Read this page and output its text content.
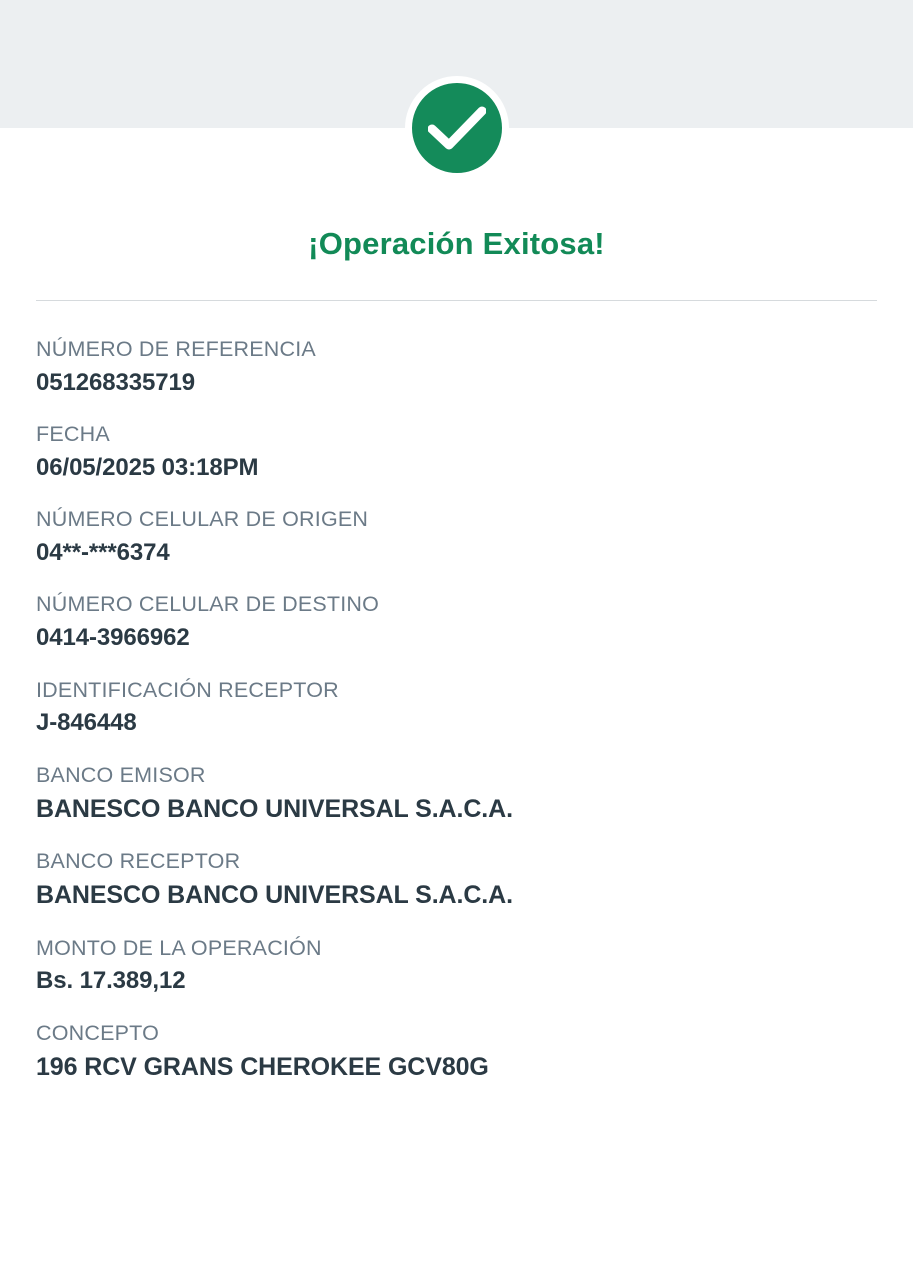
¡Operación Exitosa!
NÚMERO DE REFERENCIA
051268335719
FECHA
06/05/2025 03:18PM
NÚMERO CELULAR DE ORIGEN
04**-***6374
NÚMERO CELULAR DE DESTINO
0414-3966962
IDENTIFICACIÓN RECEPTOR
J-846448
BANCO EMISOR
BANESCO BANCO UNIVERSAL S.A.C.A.
BANCO RECEPTOR
BANESCO BANCO UNIVERSAL S.A.C.A.
MONTO DE LA OPERACIÓN
Bs. 17.389,12
CONCEPTO
196 RCV GRANS CHEROKEE GCV80G
